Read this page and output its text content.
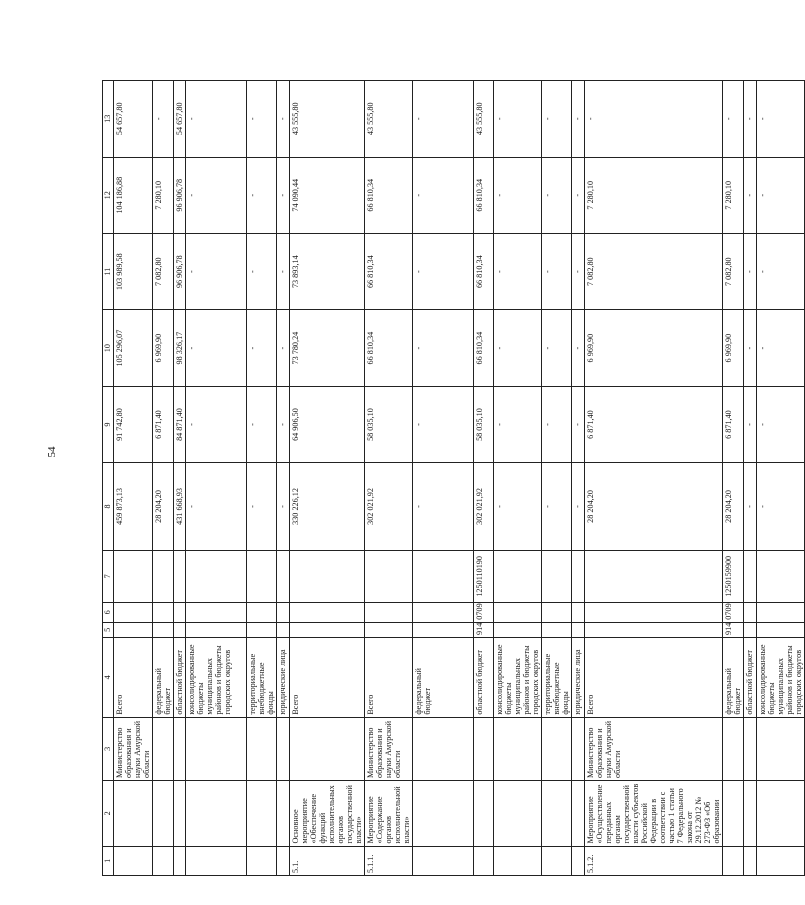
54
1	2	3	4	5	6	7	8	9	10	11	12	13
		Министерство образования и науки Амурской области	Всего				459 873,13	91 742,80	105 296,07	103 989,58	104 186,88	54 657,80
			федеральный бюджет				28 204,20	6 871,40	6 969,90	7 082,80	7 280,10	-
			областной бюджет				431 668,93	84 871,40	98 326,17	96 906,78	96 906,78	54 657,80
			консолидированные бюджеты муниципальных районов и бюджеты городских округов				-	-	-	-	-	-
			территориальные внебюджетные фонды				-	-	-	-	-	-
			юридические лица				-	-	-	-	-	-
5.1.	Основное мероприятие «Обеспечение функций исполнительных органов государственной власти»		Всего				330 226,12	64 906,50	73 780,24	73 893,14	74 090,44	43 555,80
5.1.1.	Мероприятие «Содержание органов исполнительной власти»	Министерство образования и науки Амурской области	Всего				302 021,92	58 035,10	66 810,34	66 810,34	66 810,34	43 555,80
			федеральный бюджет				-	-	-	-	-	-
			областной бюджет	914	0709	1250110190	302 021,92	58 035,10	66 810,34	66 810,34	66 810,34	43 555,80
			консолидированные бюджеты муниципальных районов и бюджеты городских округов				-	-	-	-	-	-
			территориальные внебюджетные фонды				-	-	-	-	-	-
			юридические лица				-	-	-	-	-	-
5.1.2.	Мероприятие «Осуществление переданных органам государственной власти субъектов Российской Федерации в соответствии с частью 1 статьи 7 Федерального закона от 29.12.2012 № 273-ФЗ «Об образовании	Министерство образования и науки Амурской области	Всего				28 204,20	6 871,40	6 969,90	7 082,80	7 280,10	-
			федеральный бюджет	914	0709	1250159900	28 204,20	6 871,40	6 969,90	7 082,80	7 280,10	-
			областной бюджет				-	-	-	-	-	-
			консолидированные бюджеты муниципальных районов и бюджеты городских округов				-	-	-	-	-	-
